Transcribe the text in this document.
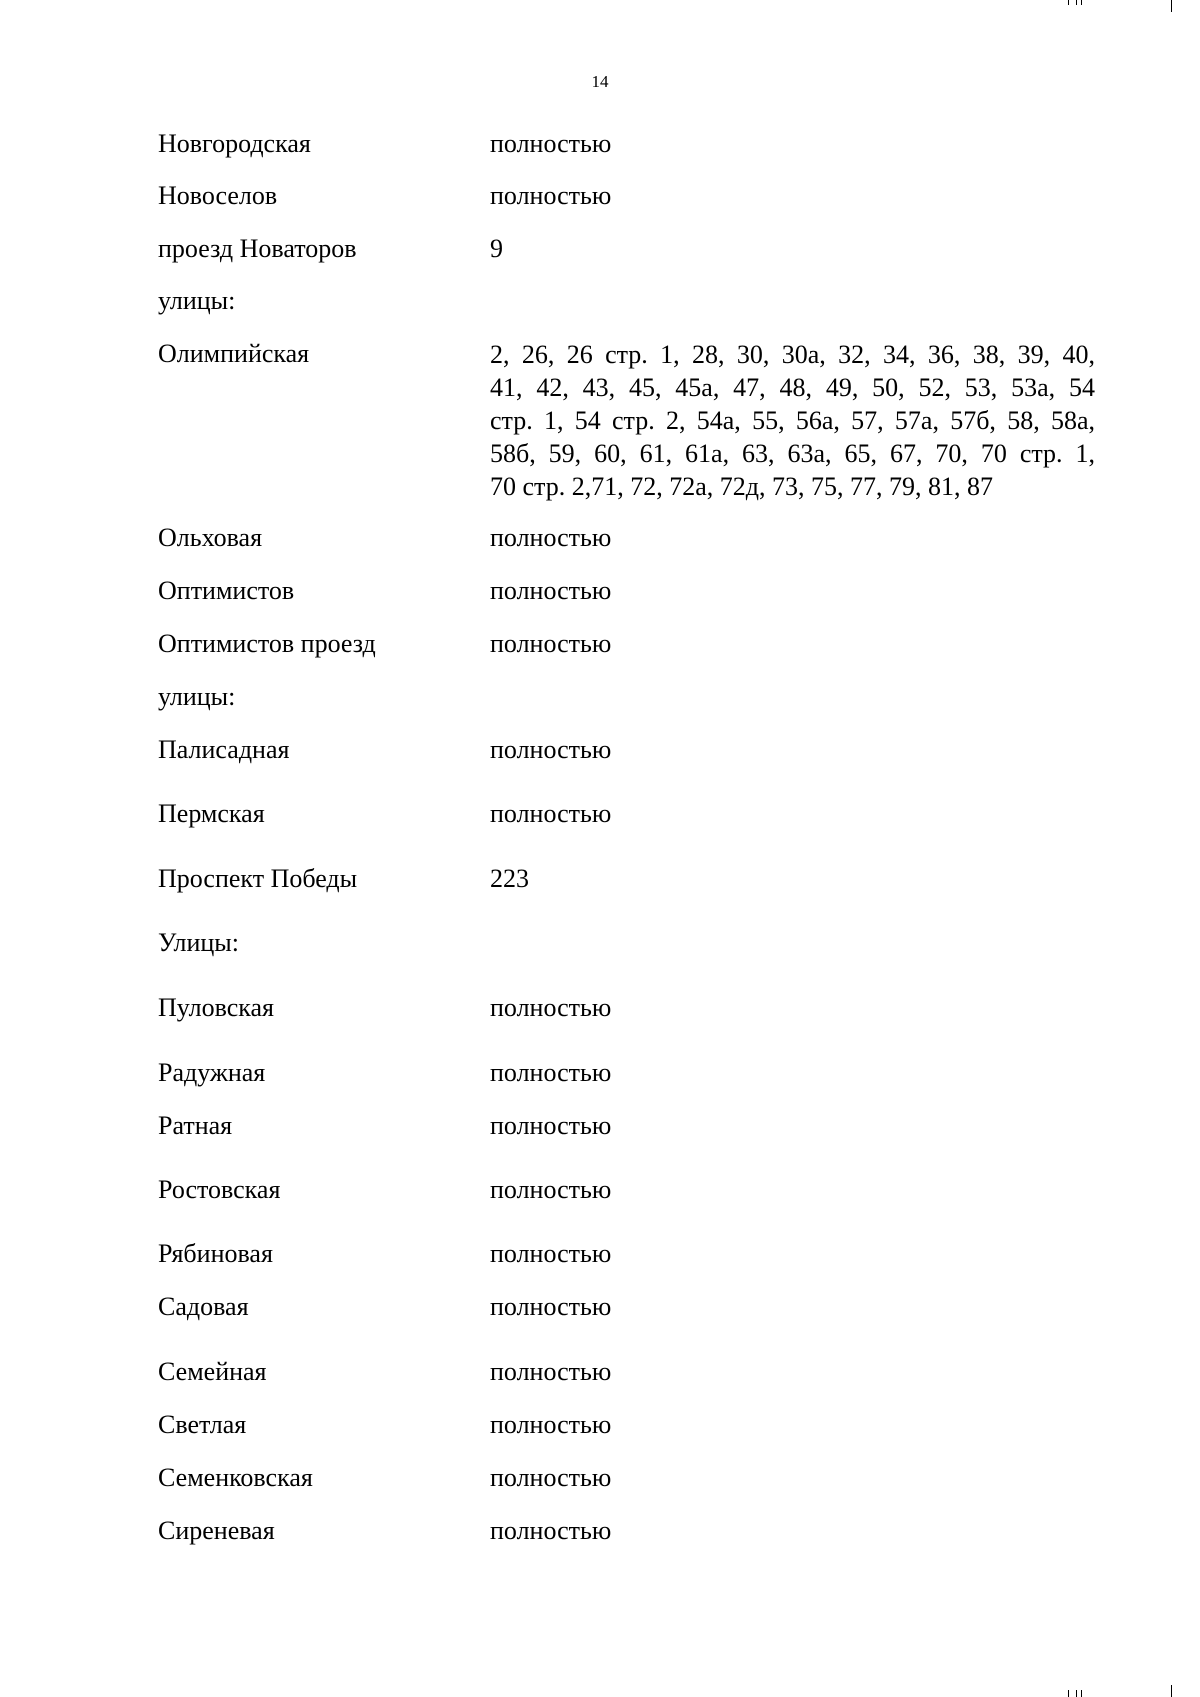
14
Новгородская	полностью
Новоселов	полностью
проезд Новаторов	9
улицы:
Олимпийская	2, 26, 26 стр. 1, 28, 30, 30а, 32, 34, 36, 38, 39, 40,
41, 42, 43, 45, 45а, 47, 48, 49, 50, 52, 53, 53а, 54
стр. 1, 54 стр. 2, 54а, 55, 56а, 57, 57а, 57б, 58, 58а,
58б, 59, 60, 61, 61а, 63, 63а, 65, 67, 70, 70 стр. 1,
70 стр. 2,71, 72, 72а, 72д, 73, 75, 77, 79, 81, 87
Ольховая	полностью
Оптимистов	полностью
Оптимистов проезд	полностью
улицы:
Палисадная	полностью
Пермская	полностью
Проспект Победы	223
Улицы:
Пуловская	полностью
Радужная	полностью
Ратная	полностью
Ростовская	полностью
Рябиновая	полностью
Садовая	полностью
Семейная	полностью
Светлая	полностью
Семенковская	полностью
Сиреневая	полностью
